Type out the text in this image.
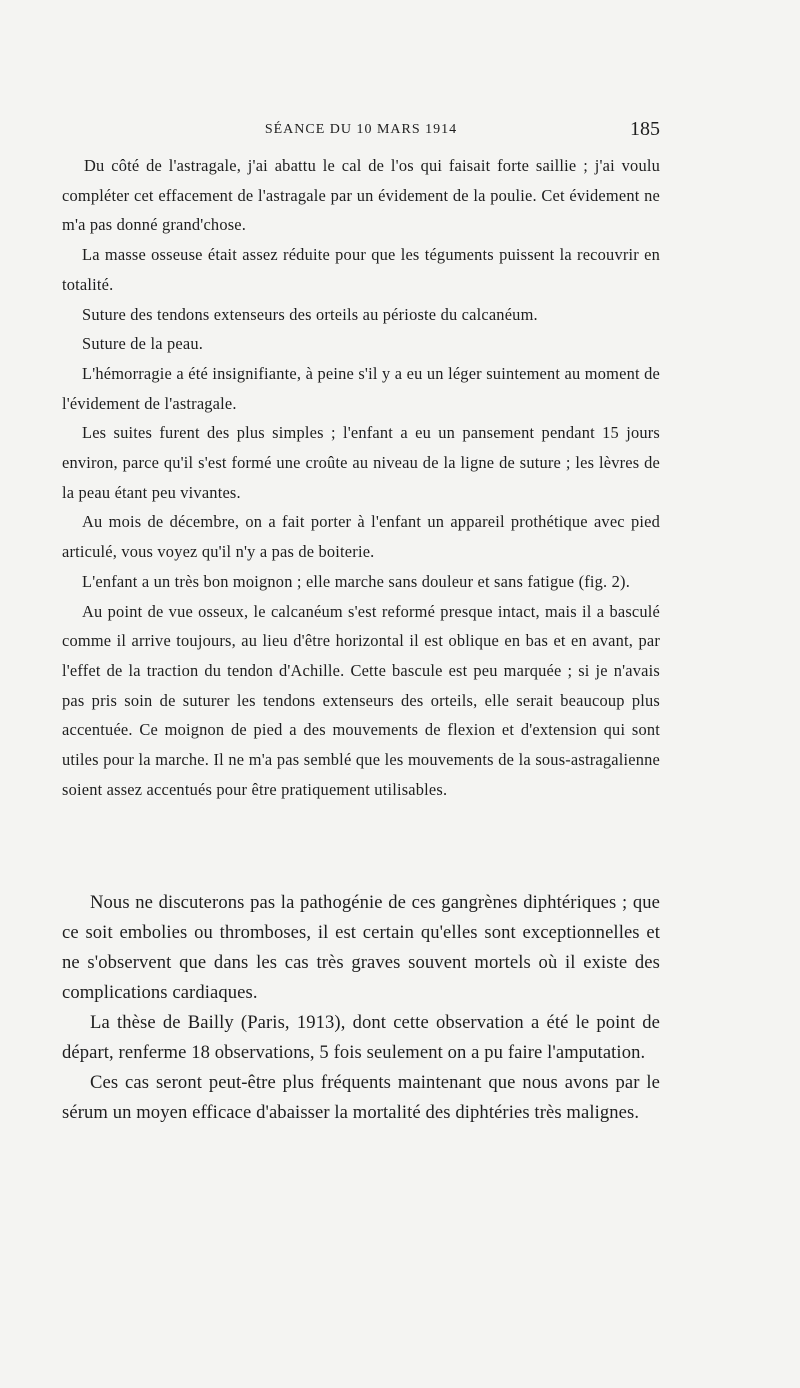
SÉANCE DU 10 MARS 1914	185

Du côté de l'astragale, j'ai abattu le cal de l'os qui faisait forte saillie ; j'ai voulu compléter cet effacement de l'astragale par un évidement de la poulie. Cet évidement ne m'a pas donné grand'chose.

La masse osseuse était assez réduite pour que les téguments puissent la recouvrir en totalité.

Suture des tendons extenseurs des orteils au périoste du calcanéum.

Suture de la peau.

L'hémorragie a été insignifiante, à peine s'il y a eu un léger suintement au moment de l'évidement de l'astragale.

Les suites furent des plus simples ; l'enfant a eu un pansement pendant 15 jours environ, parce qu'il s'est formé une croûte au niveau de la ligne de suture ; les lèvres de la peau étant peu vivantes.

Au mois de décembre, on a fait porter à l'enfant un appareil prothétique avec pied articulé, vous voyez qu'il n'y a pas de boiterie.

L'enfant a un très bon moignon ; elle marche sans douleur et sans fatigue (fig. 2).

Au point de vue osseux, le calcanéum s'est reformé presque intact, mais il a basculé comme il arrive toujours, au lieu d'être horizontal il est oblique en bas et en avant, par l'effet de la traction du tendon d'Achille. Cette bascule est peu marquée ; si je n'avais pas pris soin de suturer les tendons extenseurs des orteils, elle serait beaucoup plus accentuée. Ce moignon de pied a des mouvements de flexion et d'extension qui sont utiles pour la marche. Il ne m'a pas semblé que les mouvements de la sous-astragalienne soient assez accentués pour être pratiquement utilisables.

Nous ne discuterons pas la pathogénie de ces gangrènes diphtériques ; que ce soit embolies ou thromboses, il est certain qu'elles sont exceptionnelles et ne s'observent que dans les cas très graves souvent mortels où il existe des complications cardiaques.

La thèse de Bailly (Paris, 1913), dont cette observation a été le point de départ, renferme 18 observations, 5 fois seulement on a pu faire l'amputation.

Ces cas seront peut-être plus fréquents maintenant que nous avons par le sérum un moyen efficace d'abaisser la mortalité des diphtéries très malignes.
